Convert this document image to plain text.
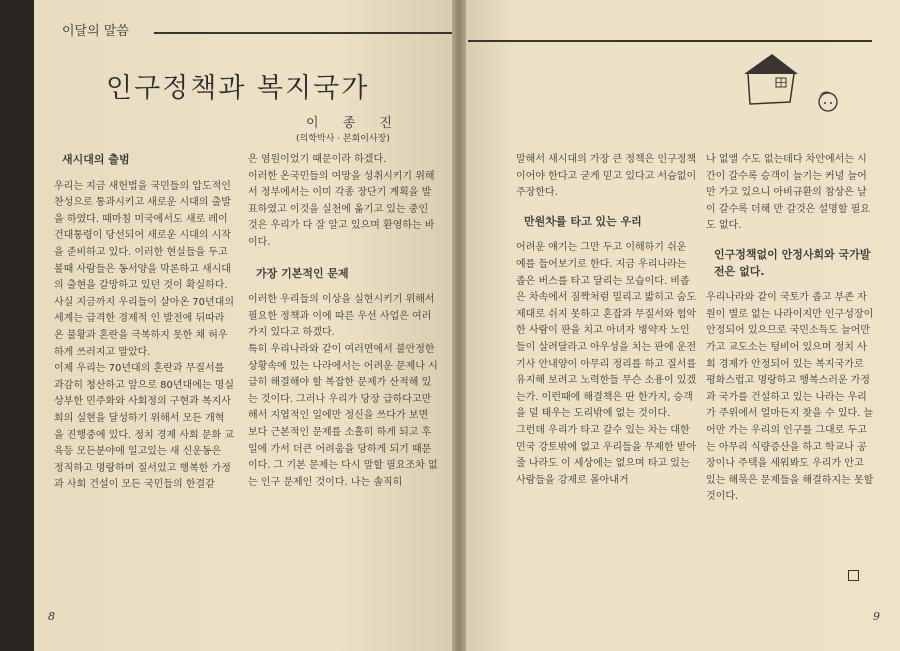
이달의 말씀
인구정책과 복지국가
이 종 진
(의학박사 · 본회이사장)
새시대의 출범

우리는 지금 새헌법을 국민들의 압도적인 찬성으로 통과시키고 새로운 시대의 출발을 하였다. 때마침 미국에서도 새로 레이건대통령이 당선되어 새로운 시대의 시작을 준비하고 있다. 이러한 현실들을 두고 볼때 사람들은 동서양을 막론하고 새시대의 출현을 갈망하고 있던 것이 확실하다. 사실 지금까지 우리들이 살아온 70년대의 세계는 급격한 경제적 인 발전에 뒤따라 온 불황과 혼란을 극복하지 못한 채 허우하게 쓰러지고 말았다.

이제 우리는 70년대의 혼란과 무질서를 과감히 청산하고 앞으로 80년대에는 명실 상부한 민주화와 사회정의 구현과 복지사회의 실현을 달성하기 위해서 모든 개혁을 진행중에 있다. 정치 경제 사회 문화 교육등 모든분야에 일고있는 새 신운동은 정직하고 명랑하며 질서있고 행복한 가정과 사회 건설이 모든 국민들의 한결같

은 염원이었기 때문이라 하겠다.

이러한 온국민들의 여망을 성취시키기 위해서 정부에서는 이미 각종 장단기 계획을 발표하였고 이것을 실천에 옮기고 있는 중인 것은 우리가 다 잘 알고 있으며 환영하는 바이다.

가장 기본적인 문제

이러한 우리들의 이상을 실현시키기 위해서 필요한 정책과 이에 따른 우선 사업은 여러가지 있다고 하겠다.

특히 우리나라와 같이 여러면에서 불안정한 상황속에 있는 나라에서는 어려운 문제나 시급히 해결해야 할 복잡한 문제가 산적해 있는 것이다. 그러나 우리가 당장 급하다고만 해서 지엽적인 일에만 정신을 쓰다가 보면 보다 근본적인 문제를 소홀히 하게 되고 후일에 가서 더큰 어려움을 당하게 되기 때문이다. 그 기본 문제는 다시 말할 필요조차 없는 인구 문제인 것이다. 나는 솔직히

8

말해서 새시대의 가장 큰 정책은 인구정책이어야 한다고 굳게 믿고 있다고 서슴없이 주장한다.

만원차를 타고 있는 우리

어려운 얘기는 그만 두고 이해하기 쉬운 예를 들어보기로 한다. 지금 우리나라는 좁은 버스를 타고 달리는 모습이다. 비좁은 차속에서 짐짝처럼 밀리고 밟히고 숨도 제대로 쉬지 못하고 혼잡과 무질서와 험악한 사람이 판을 치고 아녀자 병약자 노인들이 살려달라고 아우성을 치는 판에 운전기사 안내양이 아무리 정리를 하고 질서를 유지해 보려고 노력한들 무슨 소용이 있겠는가. 이런때에 해결책은 딴 한가지, 승객을 덜 태우는 도리밖에 없는 것이다.

그런데 우리가 타고 갈수 있는 차는 대한민국 강토밖에 없고 우리들을 무제한 받아줄 나라도 이 세상에는 없으며 타고 있는 사람들을 강제로 몰아내거

나 없앨 수도 없는데다 차안에서는 시간이 갈수록 승객이 늘기는 커녕 늘어만 가고 있으니 아비규환의 참상은 날이 갈수록 더해 만 갈것은 설명할 필요도 없다.

인구정책없이 안정사회와 국가발전은 없다.

우리나라와 같이 국토가 좁고 부존 자원이 별로 없는 나라이지만 인구성장이 안정되어 있으므로 국민소득도 늘어만 가고 교도소는 텅비어 있으며 정치 사회 경제가 안정되어 있는 복지국가로 평화스럽고 명랑하고 행복스러운 가정과 국가를 건설하고 있는 나라는 우리가 주위에서 얼마든지 찾을 수 있다. 늘어만 가는 우리의 인구를 그대로 두고는 아무리 식량증산을 하고 학교나 공장이나 주택을 세워봐도 우리가 안고 있는 해묵은 문제들을 해결하지는 못할 것이다.

9
